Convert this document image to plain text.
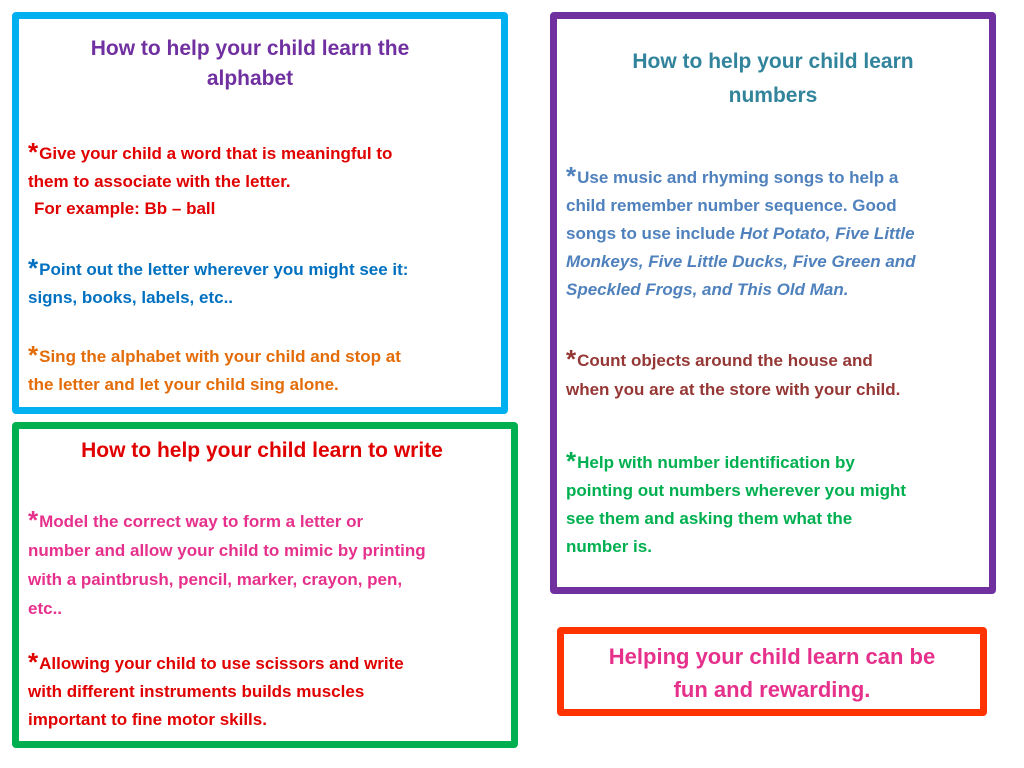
How to help your child learn the

alphabet

*Give your child a word that is meaningful to

them to associate with the letter.

For example: Bb – ball

*Point out the letter wherever you might see it:

signs, books, labels, etc..

*Sing the alphabet with your child and stop at

the letter and let your child sing alone.

How to help your child learn to write

*Model the correct way to form a letter or

number and allow your child to mimic by printing

with a paintbrush, pencil, marker, crayon, pen,

etc..

*Allowing your child to use scissors and write

with different instruments builds muscles

important to fine motor skills.

How to help your child learn

numbers

*Use music and rhyming songs to help a

child remember number sequence. Good

songs to use include Hot Potato, Five Little

Monkeys, Five Little Ducks, Five Green and

Speckled Frogs, and This Old Man.

*Count objects around the house and

when you are at the store with your child.

*Help with number identification by

pointing out numbers wherever you might

see them and asking them what the

number is.

Helping your child learn can be

fun and rewarding.
